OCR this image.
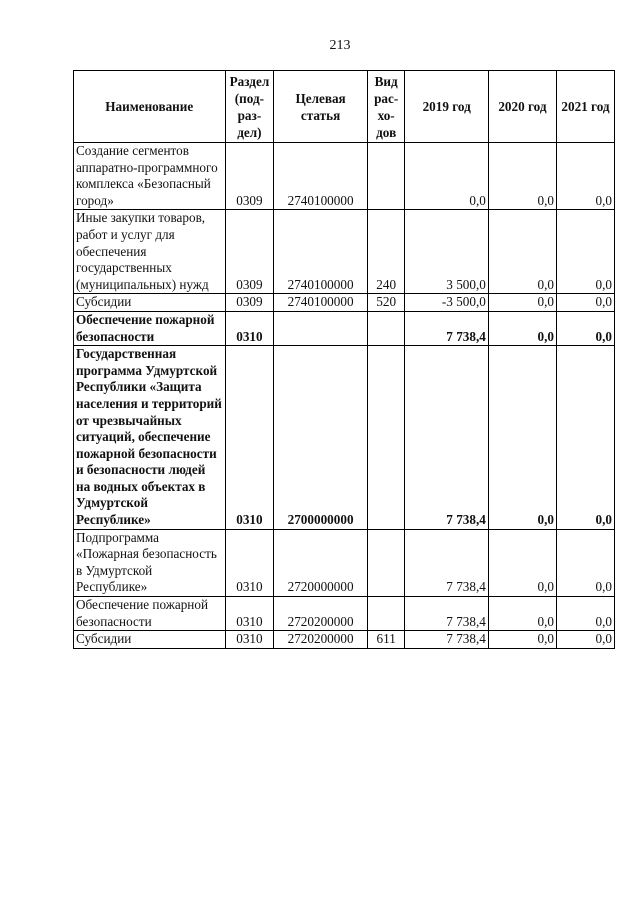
213
Наименование	Раздел (под-раз-дел)	Целевая статья	Вид рас-хо-дов	2019 год	2020 год	2021 год
Создание сегментов аппаратно-программного комплекса «Безопасный город»	0309	2740100000		0,0	0,0	0,0
Иные закупки товаров, работ и услуг для обеспечения государственных (муниципальных) нужд	0309	2740100000	240	3 500,0	0,0	0,0
Субсидии	0309	2740100000	520	-3 500,0	0,0	0,0
Обеспечение пожарной безопасности	0310			7 738,4	0,0	0,0
Государственная программа Удмуртской Республики «Защита населения и территорий от чрезвычайных ситуаций, обеспечение пожарной безопасности и безопасности людей на водных объектах в Удмуртской Республике»	0310	2700000000		7 738,4	0,0	0,0
Подпрограмма «Пожарная безопасность в Удмуртской Республике»	0310	2720000000		7 738,4	0,0	0,0
Обеспечение пожарной безопасности	0310	2720200000		7 738,4	0,0	0,0
Субсидии	0310	2720200000	611	7 738,4	0,0	0,0
